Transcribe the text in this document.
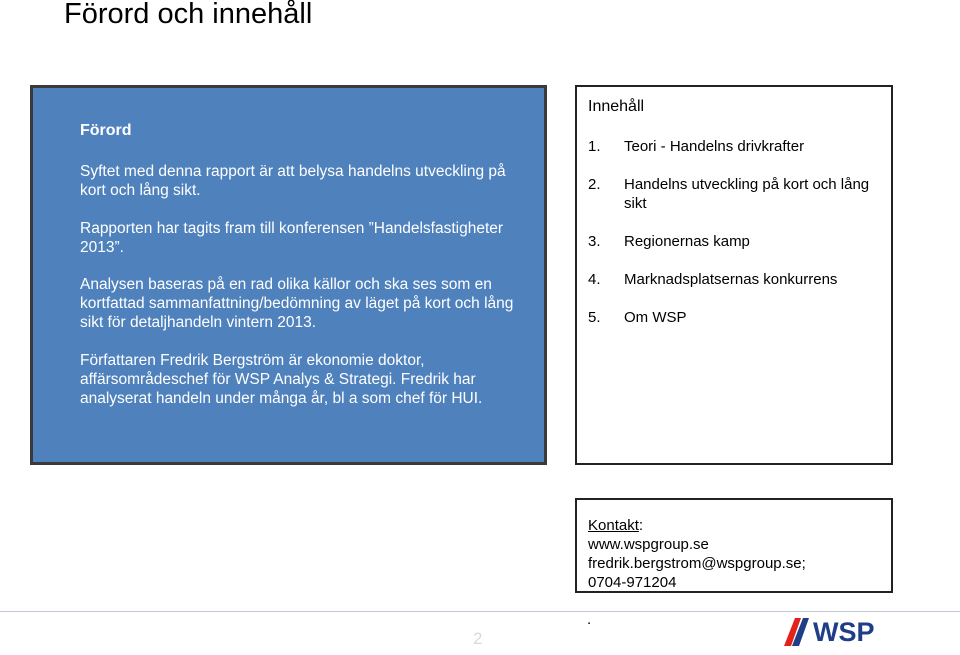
Förord och innehåll
Förord
Syftet med denna rapport är att belysa handelns utveckling på kort och lång sikt.
Rapporten har tagits fram till konferensen ”Handelsfastigheter 2013”.
Analysen baseras på en rad olika källor och ska ses som en kortfattad sammanfattning/bedömning av läget på kort och lång sikt för detaljhandeln vintern 2013.
Författaren Fredrik Bergström är ekonomie doktor, affärsområdeschef för WSP Analys & Strategi. Fredrik har analyserat handeln under många år, bl a som chef för HUI.
Innehåll
1. Teori - Handelns drivkrafter
2. Handelns utveckling på kort och lång sikt
3. Regionernas kamp
4. Marknadsplatsernas konkurrens
5. Om WSP
Kontakt:
www.wspgroup.se
fredrik.bergstrom@wspgroup.se;
0704-971204
2
.	WSP
